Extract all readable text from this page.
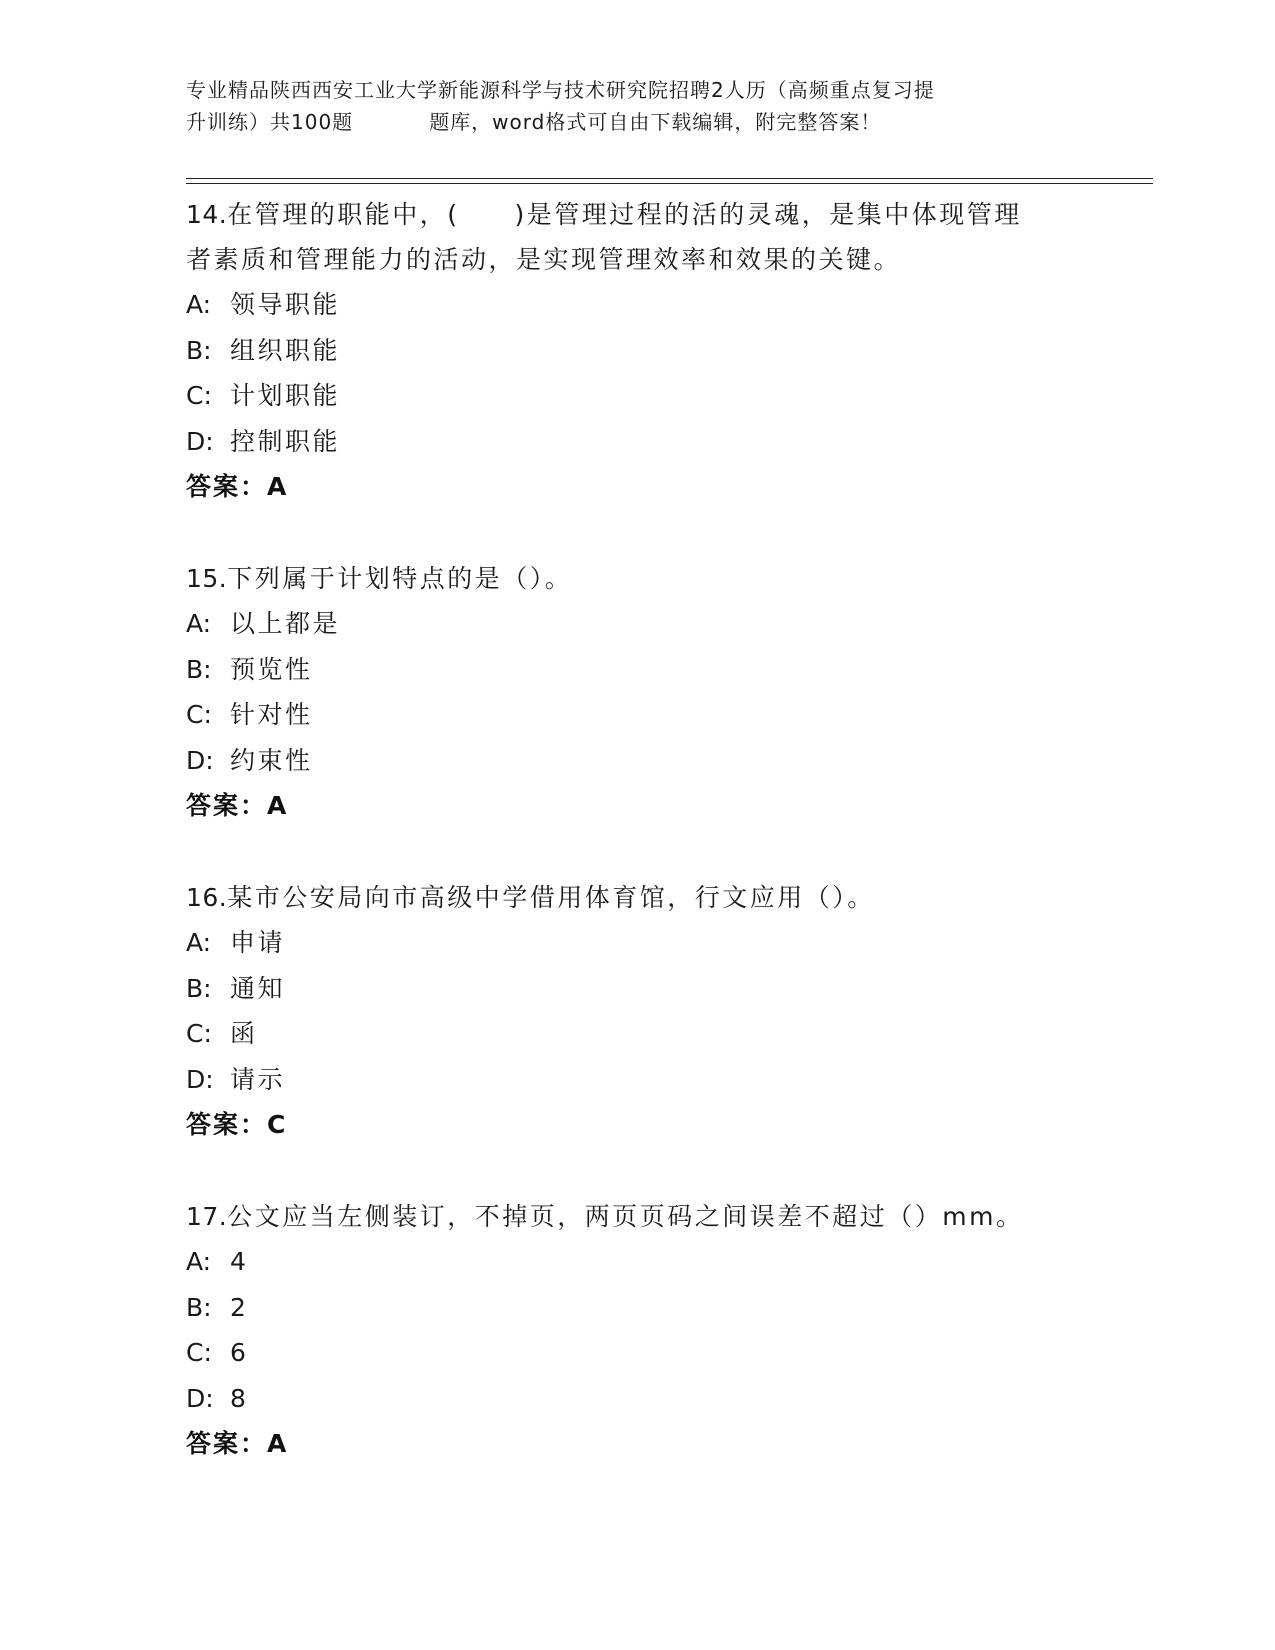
专业精品陕西西安工业大学新能源科学与技术研究院招聘2人历（高频重点复习提
升训练）共100题	题库，word格式可自由下载编辑，附完整答案！
14.在管理的职能中，(　　)是管理过程的活的灵魂，是集中体现管理
者素质和管理能力的活动，是实现管理效率和效果的关键。
A: 领导职能
B: 组织职能
C: 计划职能
D: 控制职能
答案：A
15.下列属于计划特点的是（）。
A: 以上都是
B: 预览性
C: 针对性
D: 约束性
答案：A
16.某市公安局向市高级中学借用体育馆，行文应用（）。
A: 申请
B: 通知
C: 函
D: 请示
答案：C
17.公文应当左侧装订，不掉页，两页页码之间误差不超过（）mm。
A: 4
B: 2
C: 6
D: 8
答案：A
